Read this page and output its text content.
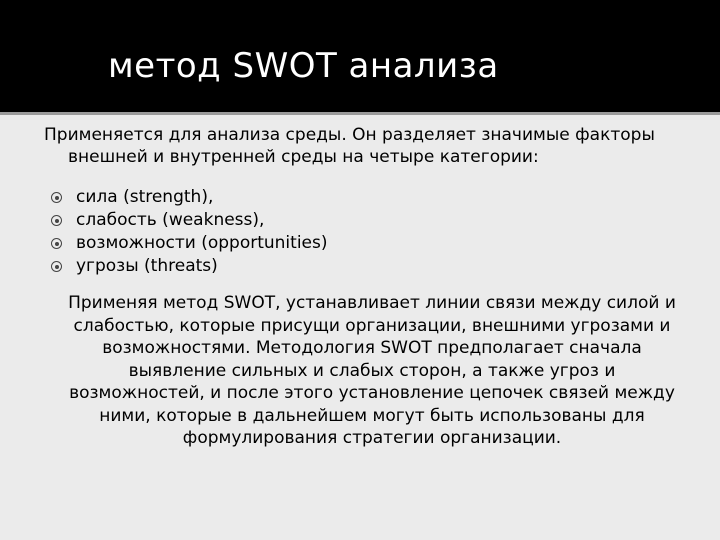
метод SWOT анализа

Применяется для анализа среды. Он разделяет значимые факторы внешней и внутренней среды на четыре категории:

сила (strength),
слабость (weakness),
возможности (opportunities)
угрозы (threats)

Применяя метод SWOT, устанавливает линии связи между силой и слабостью, которые присущи организации, внешними угрозами и возможностями. Методология SWOT предполагает сначала выявление сильных и слабых сторон, а также угроз и возможностей, и после этого установление цепочек связей между ними, которые в дальнейшем могут быть использованы для формулирования стратегии организации.
